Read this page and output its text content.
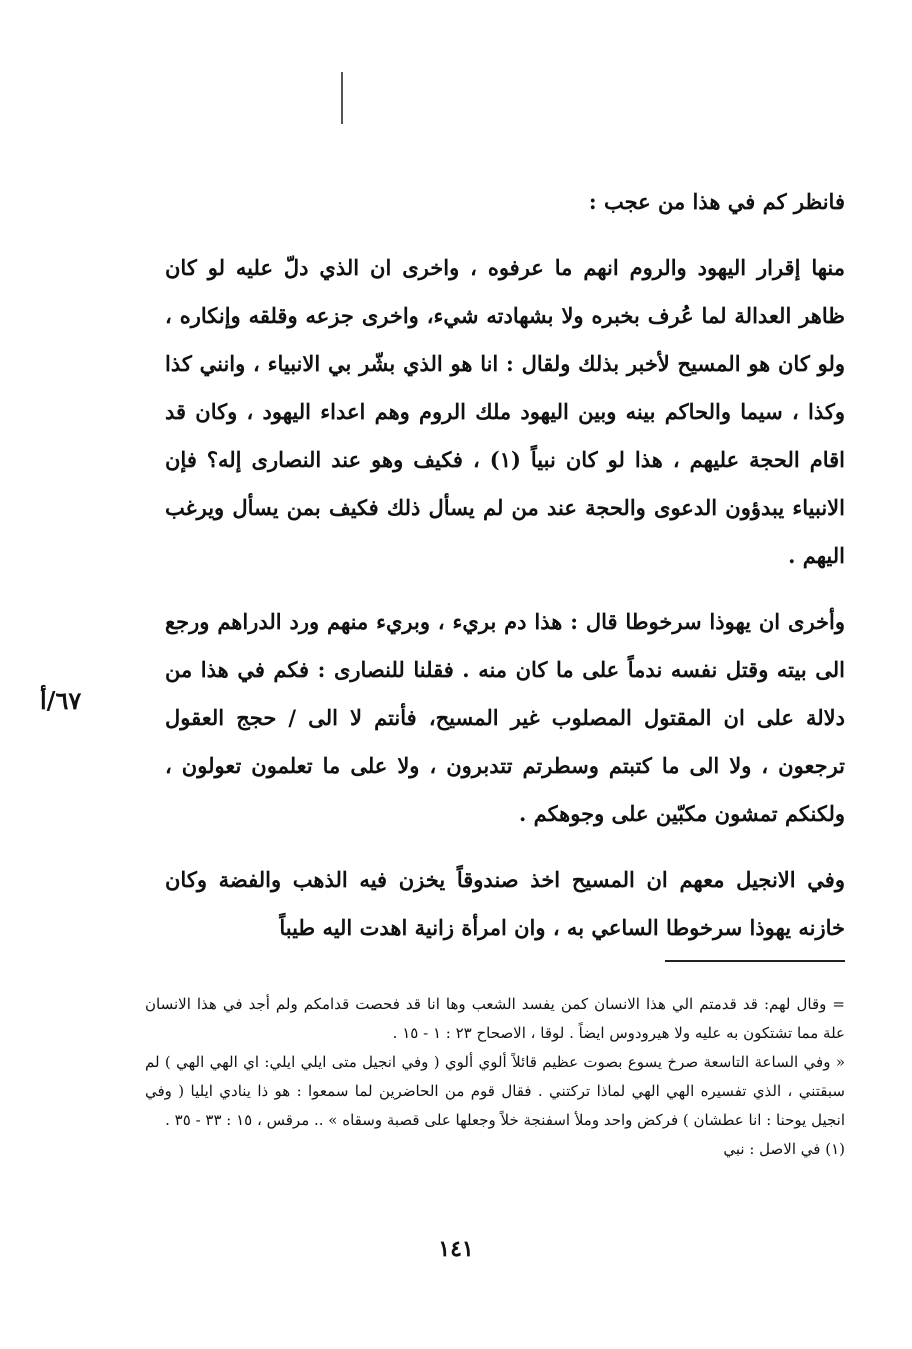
٦٧/أ

فانظر كم في هذا من عجب :

منها إقرار اليهود والروم انهم ما عرفوه ، واخرى ان الذي دلّ عليه لو كان ظاهر العدالة لما عُرف بخبره ولا بشهادته شيء، واخرى جزعه وقلقه وإنكاره ، ولو كان هو المسيح لأخبر بذلك ولقال : انا هو الذي بشّر بي الانبياء ، وانني كذا وكذا ، سيما والحاكم بينه وبين اليهود ملك الروم وهم اعداء اليهود ، وكان قد اقام الحجة عليهم ، هذا لو كان نبياً (١) ، فكيف وهو عند النصارى إله؟ فإن الانبياء يبدؤون الدعوى والحجة عند من لم يسأل ذلك فكيف بمن يسأل ويرغب اليهم .

وأخرى ان يهوذا سرخوطا قال : هذا دم بريء ، وبريء منهم ورد الدراهم ورجع الى بيته وقتل نفسه ندماً على ما كان منه . فقلنا للنصارى : فكم في هذا من دلالة على ان المقتول المصلوب غير المسيح، فأنتم لا الى / حجج العقول ترجعون ، ولا الى ما كتبتم وسطرتم تتدبرون ، ولا على ما تعلمون تعولون ، ولكنكم تمشون مكبّين على وجوهكم .

وفي الانجيل معهم ان المسيح اخذ صندوقاً يخزن فيه الذهب والفضة وكان خازنه يهوذا سرخوطا الساعي به ، وان امرأة زانية اهدت اليه طيباً

= وقال لهم: قد قدمتم الي هذا الانسان كمن يفسد الشعب وها انا قد فحصت قدامكم ولم أجد في هذا الانسان علة مما تشتكون به عليه ولا هيرودوس ايضاً . لوقا ، الاصحاح ٢٣ : ١ - ١٥ .

« وفي الساعة التاسعة صرخ يسوع بصوت عظيم قائلاً ألوي ألوي ( وفي انجيل متى ايلي ايلي: اي الهي الهي ) لم سبقتني ، الذي تفسيره الهي الهي لماذا تركتني . فقال قوم من الحاضرين لما سمعوا : هو ذا ينادي ايليا ( وفي انجيل يوحنا : انا عطشان ) فركض واحد وملأ اسفنجة خلاً وجعلها على قصبة وسقاه » .. مرقس ، ١٥ : ٣٣ - ٣٥ .

(١) في الاصل : نبي

١٤١
